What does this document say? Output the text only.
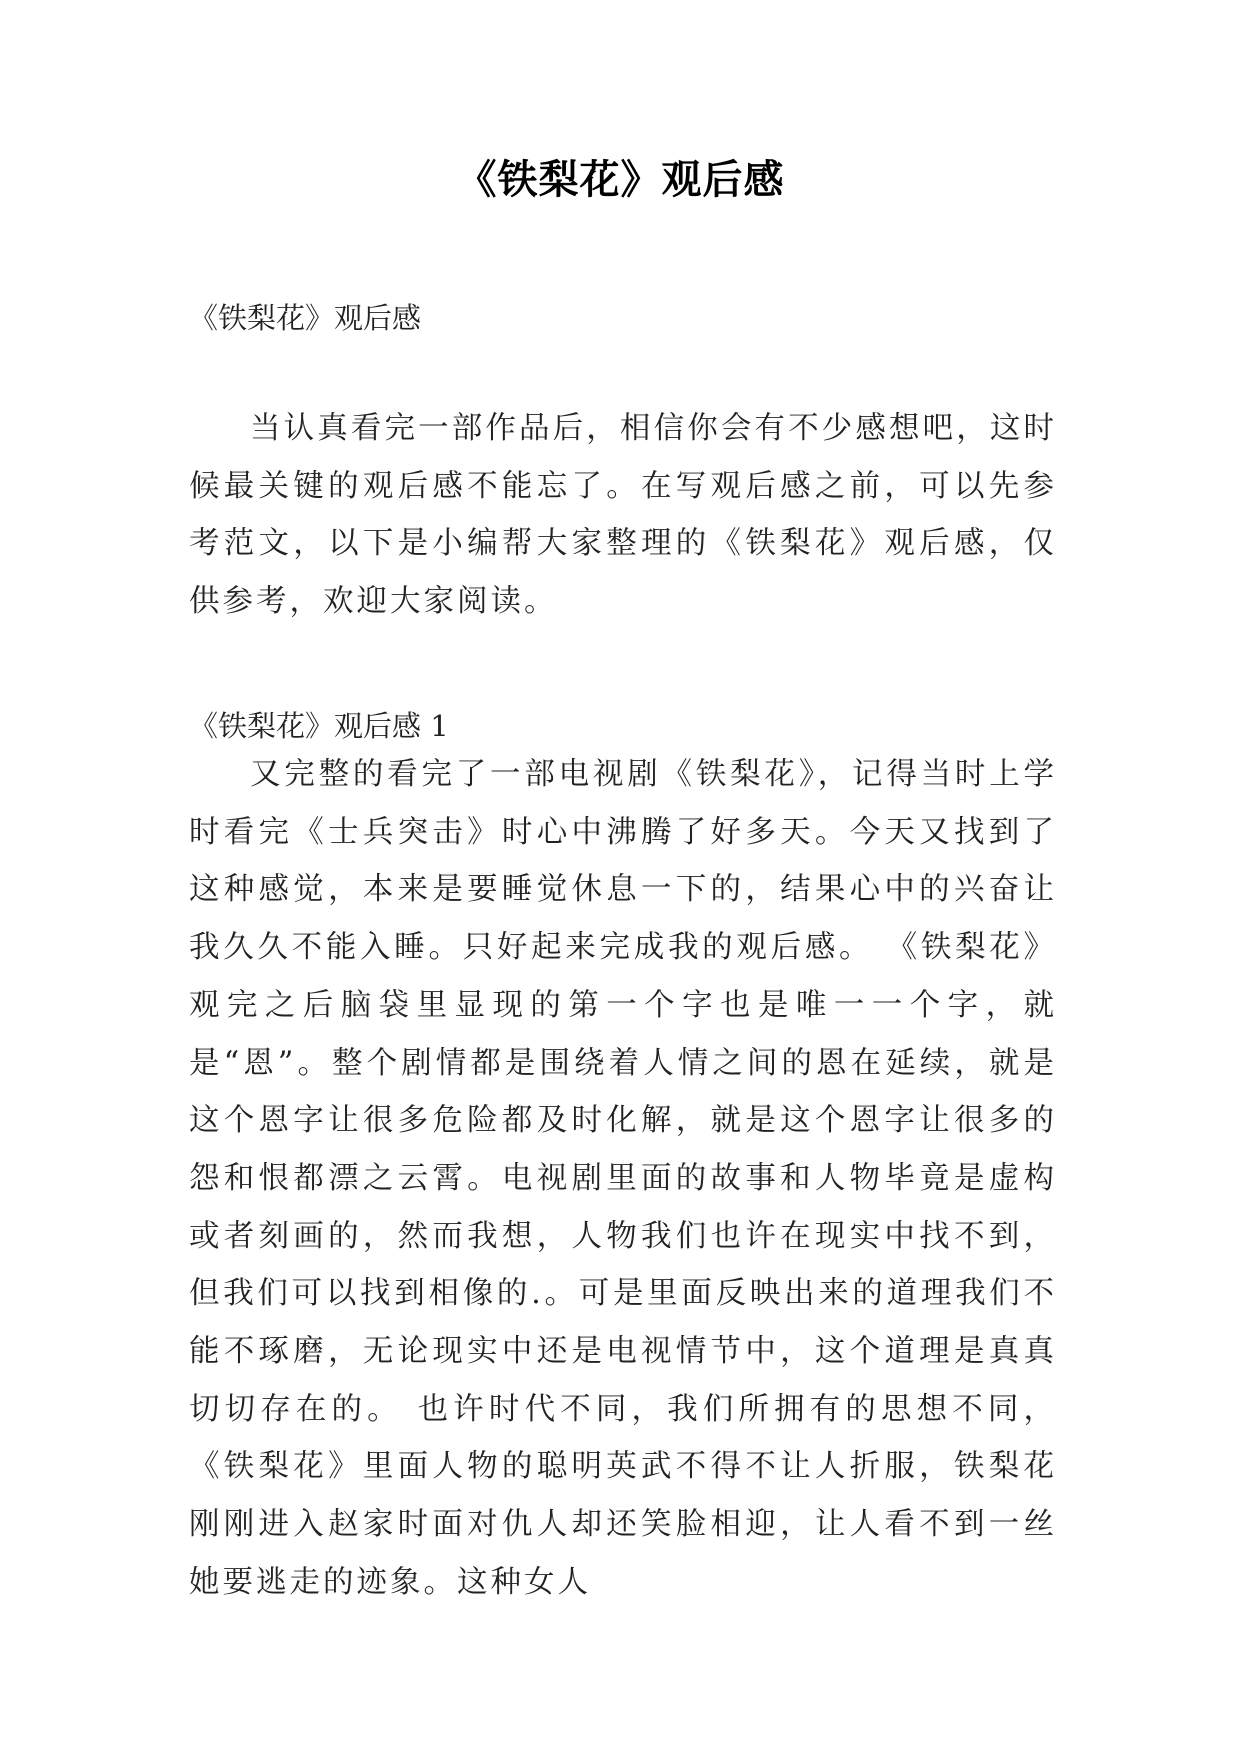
《铁梨花》观后感

《铁梨花》观后感

当认真看完一部作品后，相信你会有不少感想吧，这时候最关键的观后感不能忘了。在写观后感之前，可以先参考范文，以下是小编帮大家整理的《铁梨花》观后感，仅供参考，欢迎大家阅读。

《铁梨花》观后感 1

又完整的看完了一部电视剧《铁梨花》，记得当时上学时看完《士兵突击》时心中沸腾了好多天。今天又找到了这种感觉，本来是要睡觉休息一下的，结果心中的兴奋让我久久不能入睡。只好起来完成我的观后感。 《铁梨花》观完之后脑袋里显现的第一个字也是唯一一个字，就是“恩”。整个剧情都是围绕着人情之间的恩在延续，就是这个恩字让很多危险都及时化解，就是这个恩字让很多的怨和恨都漂之云霄。电视剧里面的故事和人物毕竟是虚构或者刻画的，然而我想，人物我们也许在现实中找不到，但我们可以找到相像的.。可是里面反映出来的道理我们不能不琢磨，无论现实中还是电视情节中，这个道理是真真切切存在的。 也许时代不同，我们所拥有的思想不同，《铁梨花》里面人物的聪明英武不得不让人折服，铁梨花刚刚进入赵家时面对仇人却还笑脸相迎，让人看不到一丝她要逃走的迹象。这种女人
